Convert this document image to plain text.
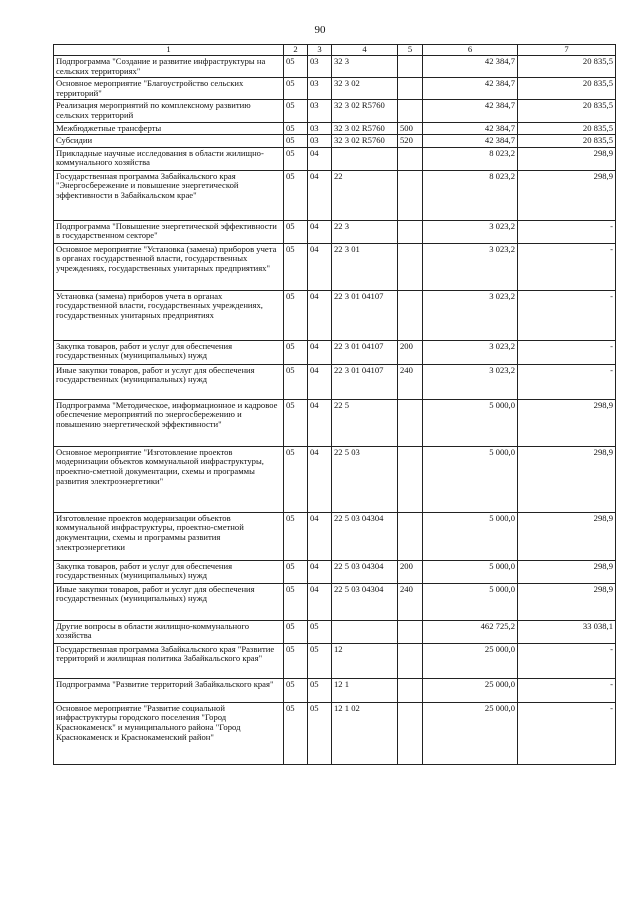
90
1	2	3	4	5	6	7
Подпрограмма "Создание и развитие инфраструктуры на сельских территориях"	05	03	32 3		42 384,7	20 835,5
Основное мероприятие "Благоустройство сельских территорий"	05	03	32 3 02		42 384,7	20 835,5
Реализация мероприятий по комплексному развитию сельских территорий	05	03	32 3 02 R5760		42 384,7	20 835,5
Межбюджетные трансферты	05	03	32 3 02 R5760	500	42 384,7	20 835,5
Субсидии	05	03	32 3 02 R5760	520	42 384,7	20 835,5
Прикладные научные исследования в области жилищно-коммунального хозяйства	05	04			8 023,2	298,9
Государственная программа Забайкальского края "Энергосбережение и повышение энергетической эффективности в Забайкальском крае"	05	04	22		8 023,2	298,9
Подпрограмма "Повышение энергетической эффективности в государственном секторе"	05	04	22 3		3 023,2	-
Основное мероприятие "Установка (замена) приборов учета в органах государственной власти, государственных учреждениях, государственных унитарных предприятиях"	05	04	22 3 01		3 023,2	-
Установка (замена) приборов учета в органах государственной власти, государственных учреждениях, государственных унитарных предприятиях	05	04	22 3 01 04107		3 023,2	-
Закупка товаров, работ и услуг для обеспечения государственных (муниципальных) нужд	05	04	22 3 01 04107	200	3 023,2	-
Иные закупки товаров, работ и услуг для обеспечения государственных (муниципальных) нужд	05	04	22 3 01 04107	240	3 023,2	-
Подпрограмма "Методическое, информационное и кадровое обеспечение мероприятий по энергосбережению и повышению энергетической эффективности"	05	04	22 5		5 000,0	298,9
Основное мероприятие "Изготовление проектов модернизации объектов коммунальной инфраструктуры, проектно-сметной документации, схемы и программы развития электроэнергетики"	05	04	22 5 03		5 000,0	298,9
Изготовление проектов модернизации объектов коммунальной инфраструктуры, проектно-сметной документации, схемы и программы развития электроэнергетики	05	04	22 5 03 04304		5 000,0	298,9
Закупка товаров, работ и услуг для обеспечения государственных (муниципальных) нужд	05	04	22 5 03 04304	200	5 000,0	298,9
Иные закупки товаров, работ и услуг для обеспечения государственных (муниципальных) нужд	05	04	22 5 03 04304	240	5 000,0	298,9
Другие вопросы в области жилищно-коммунального хозяйства	05	05			462 725,2	33 038,1
Государственная программа Забайкальского края "Развитие территорий и жилищная политика Забайкальского края"	05	05	12		25 000,0	-
Подпрограмма "Развитие территорий Забайкальского края"	05	05	12 1		25 000,0	-
Основное мероприятие "Развитие социальной инфраструктуры городского поселения "Город Краснокаменск" и муниципального района "Город Краснокаменск и Краснокаменский район"	05	05	12 1 02		25 000,0	-
